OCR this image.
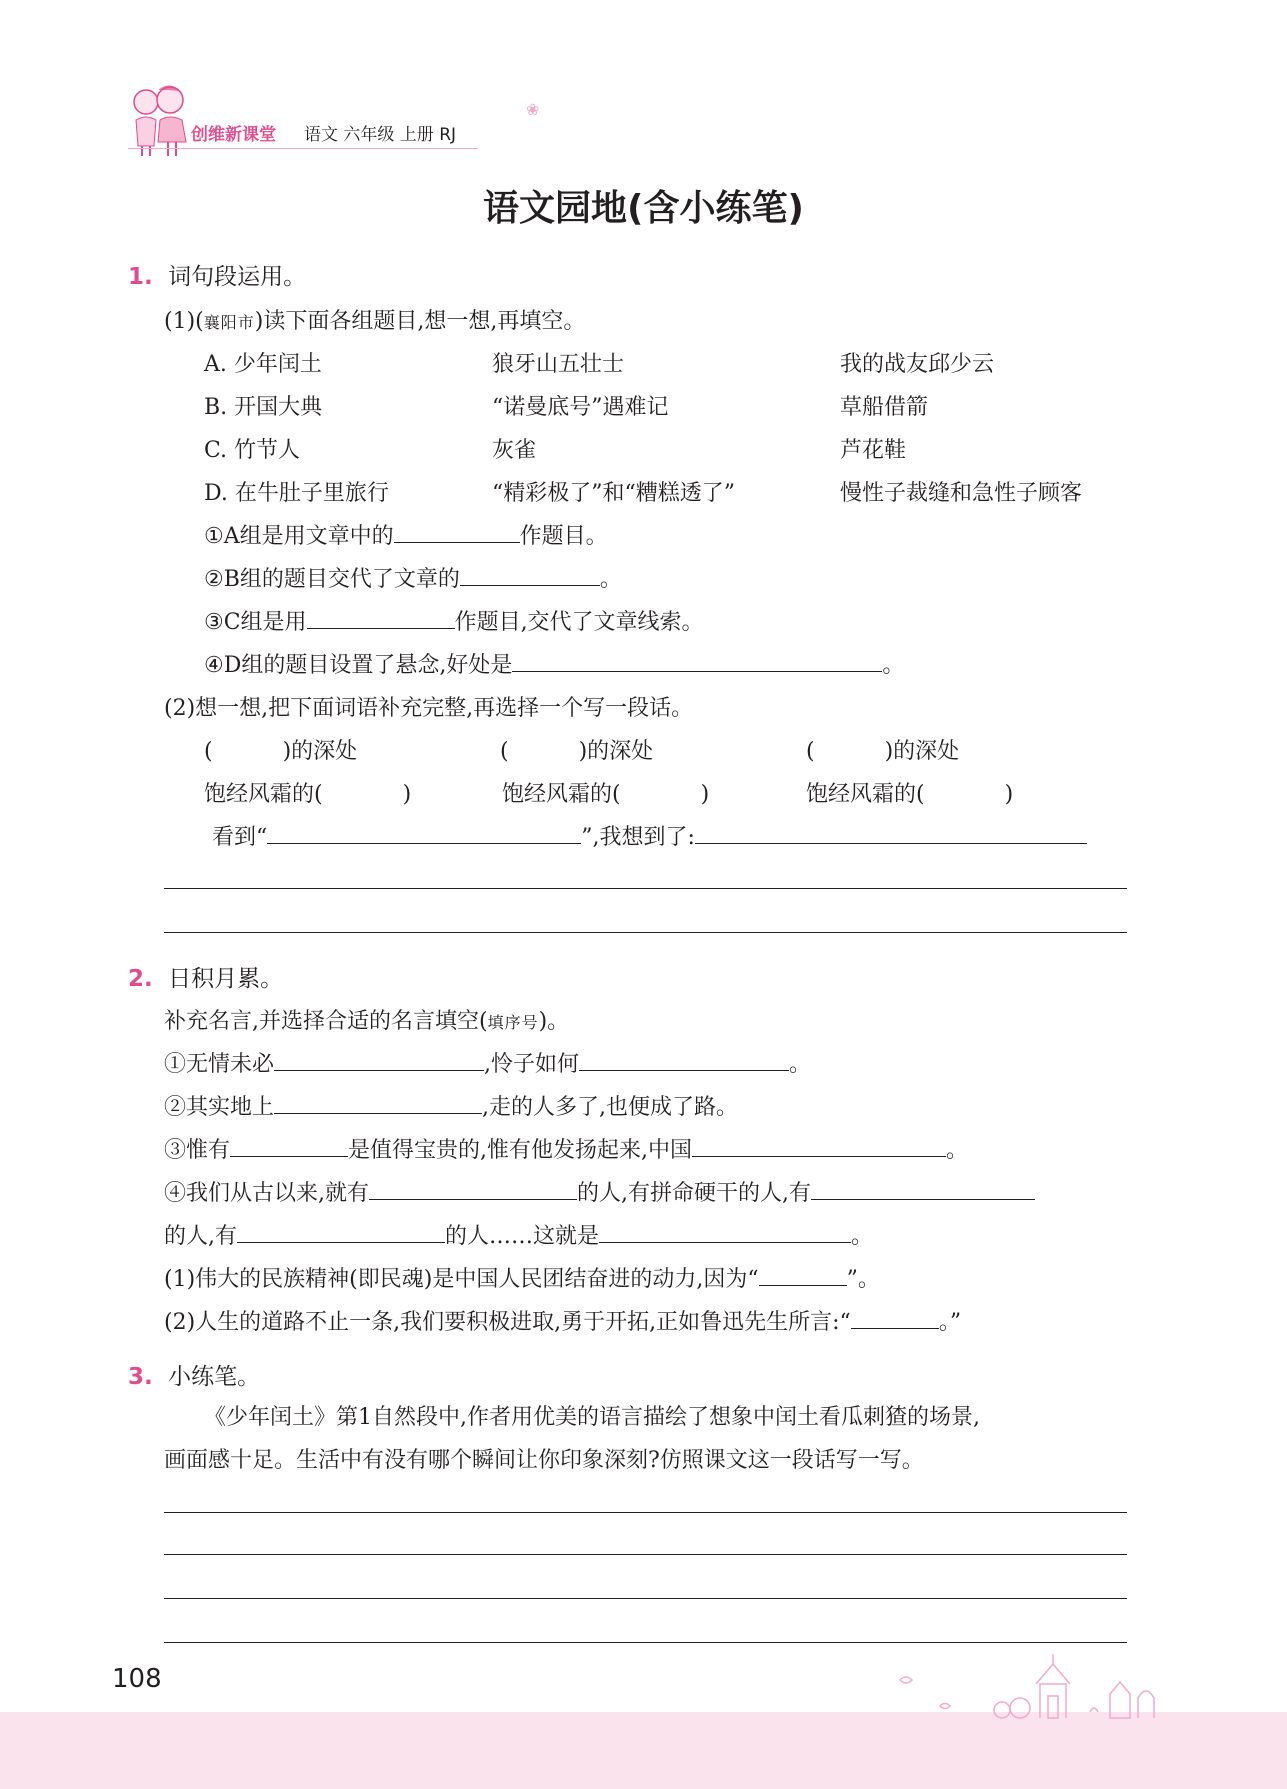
创维新课堂 语文 六年级 上册 RJ
❀
语文园地(含小练笔)
1. 词句段运用。
(1)(襄阳市)读下面各组题目,想一想,再填空。
A. 少年闰土	狼牙山五壮士	我的战友邱少云
B. 开国大典	“诺曼底号”遇难记	草船借箭
C. 竹节人	灰雀	芦花鞋
D. 在牛肚子里旅行	“精彩极了”和“糟糕透了”	慢性子裁缝和急性子顾客
①A组是用文章中的	作题目。
②B组的题目交代了文章的	。
③C组是用	作题目,交代了文章线索。
④D组的题目设置了悬念,好处是	。
(2)想一想,把下面词语补充完整,再选择一个写一段话。
(	)的深处	(	)的深处	(	)的深处
饱经风霜的(	)	饱经风霜的(	)	饱经风霜的(	)
看到“	”,我想到了:
2. 日积月累。
补充名言,并选择合适的名言填空(填序号)。
①无情未必	,怜子如何	。
②其实地上	,走的人多了,也便成了路。
③惟有	是值得宝贵的,惟有他发扬起来,中国	。
④我们从古以来,就有	的人,有拼命硬干的人,有
的人,有	的人……这就是	。
(1)伟大的民族精神(即民魂)是中国人民团结奋进的动力,因为“	”。
(2)人生的道路不止一条,我们要积极进取,勇于开拓,正如鲁迅先生所言:“	。”
3. 小练笔。
《少年闰土》第1自然段中,作者用优美的语言描绘了想象中闰土看瓜刺猹的场景,
画面感十足。生活中有没有哪个瞬间让你印象深刻?仿照课文这一段话写一写。
108
